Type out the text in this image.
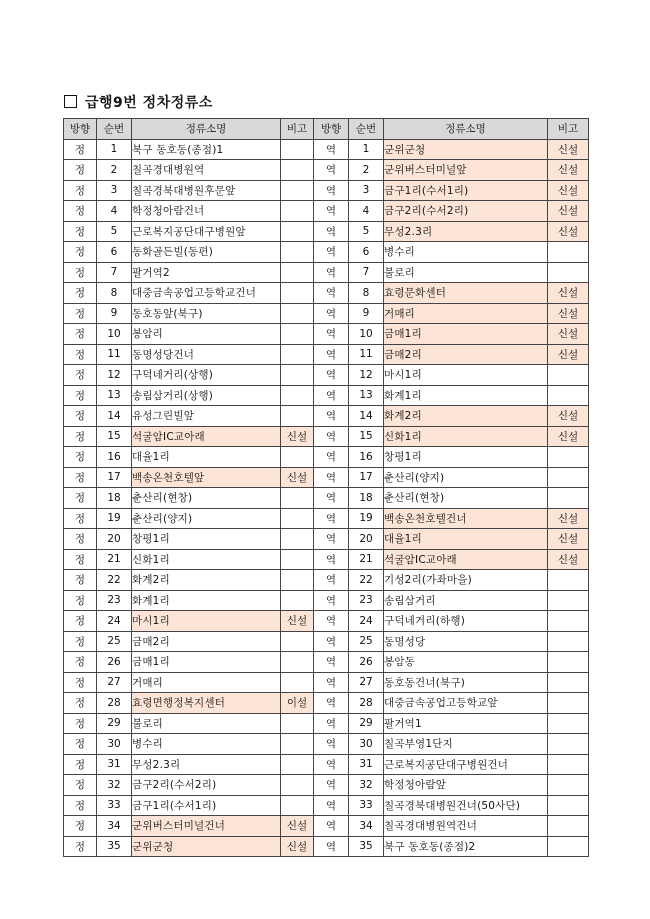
급행9번 정차정류소
방향	순번	정류소명	비고	방향	순번	정류소명	비고
정	1	북구 동호동(종점)1		역	1	군위군청	신설
정	2	칠곡경대병원역		역	2	군위버스터미널앞	신설
정	3	칠곡경북대병원후문앞		역	3	금구1리(수서1리)	신설
정	4	학정청아람건너		역	4	금구2리(수서2리)	신설
정	5	근로복지공단대구병원앞		역	5	무성2.3리	신설
정	6	동화골든빌(동편)		역	6	병수리	
정	7	팔거역2		역	7	불로리	
정	8	대중금속공업고등학교건너		역	8	효령문화센터	신설
정	9	동호동앞(북구)		역	9	거매리	신설
정	10	봉암리		역	10	금매1리	신설
정	11	동명성당건너		역	11	금매2리	신설
정	12	구덕네거리(상행)		역	12	마시1리	
정	13	송림삼거리(상행)		역	13	화계1리	
정	14	유성그린빌앞		역	14	화계2리	신설
정	15	석굴암IC교아래	신설	역	15	신화1리	신설
정	16	대율1리		역	16	창평1리	
정	17	백송온천호텔앞	신설	역	17	춘산리(양지)	
정	18	춘산리(현창)		역	18	춘산리(현창)	
정	19	춘산리(양지)		역	19	백송온천호텔건너	신설
정	20	창평1리		역	20	대율1리	신설
정	21	신화1리		역	21	석굴암IC교아래	신설
정	22	화계2리		역	22	기성2리(가좌마을)	
정	23	화계1리		역	23	송림삼거리	
정	24	마시1리	신설	역	24	구덕네거리(하행)	
정	25	금매2리		역	25	동명성당	
정	26	금매1리		역	26	봉암동	
정	27	거매리		역	27	동호동건너(북구)	
정	28	효령면행정복지센터	이설	역	28	대중금속공업고등학교앞	
정	29	불로리		역	29	팔거역1	
정	30	병수리		역	30	칠곡부영1단지	
정	31	무성2.3리		역	31	근로복지공단대구병원건너	
정	32	금구2리(수서2리)		역	32	학정청아람앞	
정	33	금구1리(수서1리)		역	33	칠곡경북대병원건너(50사단)	
정	34	군위버스터미널건너	신설	역	34	칠곡경대병원역건너	
정	35	군위군청	신설	역	35	북구 동호동(종점)2	
